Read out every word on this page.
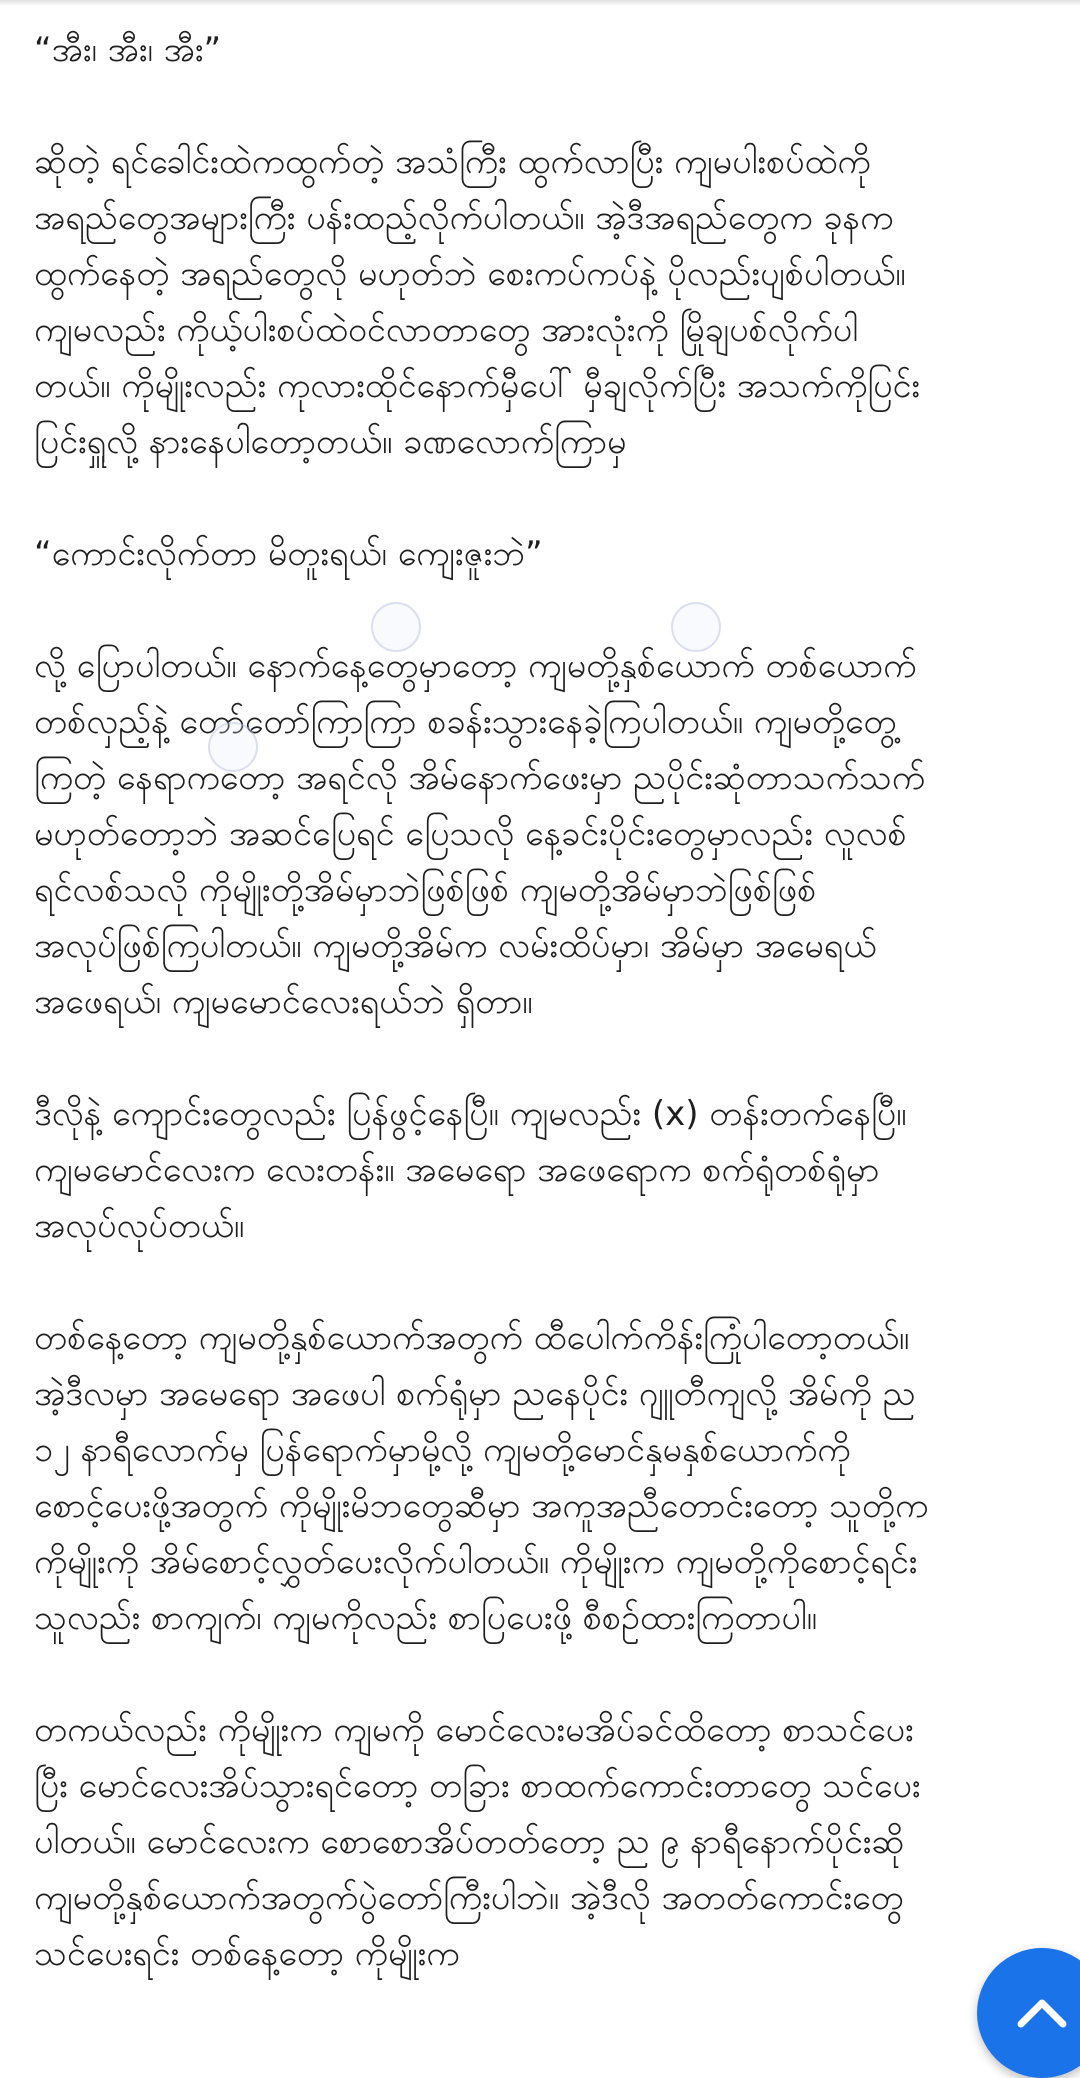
“အီး၊ အီး၊ အီး”

ဆိုတဲ့ ရင်ခေါင်းထဲကထွက်တဲ့ အသံကြီး ထွက်လာပြီး ကျမပါးစပ်ထဲကို
အရည်တွေအများကြီး ပန်းထည့်လိုက်ပါတယ်။ အဲ့ဒီအရည်တွေက ခုနက
ထွက်နေတဲ့ အရည်တွေလို မဟုတ်ဘဲ စေးကပ်ကပ်နဲ့ ပိုလည်းပျစ်ပါတယ်။
ကျမလည်း ကိုယ့်ပါးစပ်ထဲဝင်လာတာတွေ အားလုံးကို မြိုချပစ်လိုက်ပါ
တယ်။ ကိုမျိုးလည်း ကုလားထိုင်နောက်မှီပေါ် မှီချလိုက်ပြီး အသက်ကိုပြင်း
ပြင်းရှူလို့ နားနေပါတော့တယ်။ ခဏလောက်ကြာမှ

“ကောင်းလိုက်တာ မိတူးရယ်၊ ကျေးဇူးဘဲ”

လို့ ပြောပါတယ်။ နောက်နေ့တွေမှာတော့ ကျမတို့နှစ်ယောက် တစ်ယောက်
တစ်လှည့်နဲ့ တော်တော်ကြာကြာ စခန်းသွားနေခဲ့ကြပါတယ်။ ကျမတို့တွေ့
ကြတဲ့ နေရာကတော့ အရင်လို အိမ်နောက်ဖေးမှာ ညပိုင်းဆုံတာသက်သက်
မဟုတ်တော့ဘဲ အဆင်ပြေရင် ပြေသလို နေ့ခင်းပိုင်းတွေမှာလည်း လူလစ်
ရင်လစ်သလို ကိုမျိုးတို့အိမ်မှာဘဲဖြစ်ဖြစ် ကျမတို့အိမ်မှာဘဲဖြစ်ဖြစ်
အလုပ်ဖြစ်ကြပါတယ်။ ကျမတို့အိမ်က လမ်းထိပ်မှာ၊ အိမ်မှာ အမေရယ်
အဖေရယ်၊ ကျမမောင်လေးရယ်ဘဲ ရှိတာ။

ဒီလိုနဲ့ ကျောင်းတွေလည်း ပြန်ဖွင့်နေပြီ။ ကျမလည်း (x) တန်းတက်နေပြီ။
ကျမမောင်လေးက လေးတန်း။ အမေရော အဖေရောက စက်ရုံတစ်ရုံမှာ
အလုပ်လုပ်တယ်။

တစ်နေ့တော့ ကျမတို့နှစ်ယောက်အတွက် ထီပေါက်ကိန်းကြုံပါတော့တယ်။
အဲ့ဒီလမှာ အမေရော အဖေပါ စက်ရုံမှာ ညနေပိုင်း ဂျူတီကျလို့ အိမ်ကို ည
၁၂ နာရီလောက်မှ ပြန်ရောက်မှာမို့လို့ ကျမတို့မောင်နှမနှစ်ယောက်ကို
စောင့်ပေးဖို့အတွက် ကိုမျိုးမိဘတွေဆီမှာ အကူအညီတောင်းတော့ သူတို့က
ကိုမျိုးကို အိမ်စောင့်လွှတ်ပေးလိုက်ပါတယ်။ ကိုမျိုးက ကျမတို့ကိုစောင့်ရင်း
သူလည်း စာကျက်၊ ကျမကိုလည်း စာပြပေးဖို့ စီစဉ်ထားကြတာပါ။

တကယ်လည်း ကိုမျိုးက ကျမကို မောင်လေးမအိပ်ခင်ထိတော့ စာသင်ပေး
ပြီး မောင်လေးအိပ်သွားရင်တော့ တခြား စာထက်ကောင်းတာတွေ သင်ပေး
ပါတယ်။ မောင်လေးက စောစောအိပ်တတ်တော့ ည ၉ နာရီနောက်ပိုင်းဆို
ကျမတို့နှစ်ယောက်အတွက်ပွဲတော်ကြီးပါဘဲ။ အဲ့ဒီလို အတတ်ကောင်းတွေ
သင်ပေးရင်း တစ်နေ့တော့ ကိုမျိုးက
